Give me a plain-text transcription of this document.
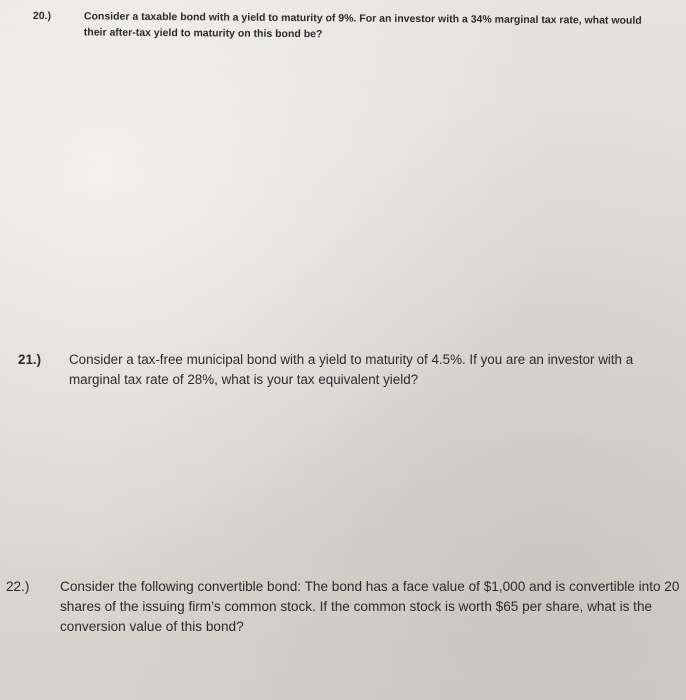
20.)	Consider a taxable bond with a yield to maturity of 9%. For an investor with a 34% marginal tax rate, what would their after-tax yield to maturity on this bond be?
21.) Consider a tax-free municipal bond with a yield to maturity of 4.5%. If you are an investor with a marginal tax rate of 28%, what is your tax equivalent yield?
22.) Consider the following convertible bond: The bond has a face value of $1,000 and is convertible into 20 shares of the issuing firm’s common stock. If the common stock is worth $65 per share, what is the conversion value of this bond?
